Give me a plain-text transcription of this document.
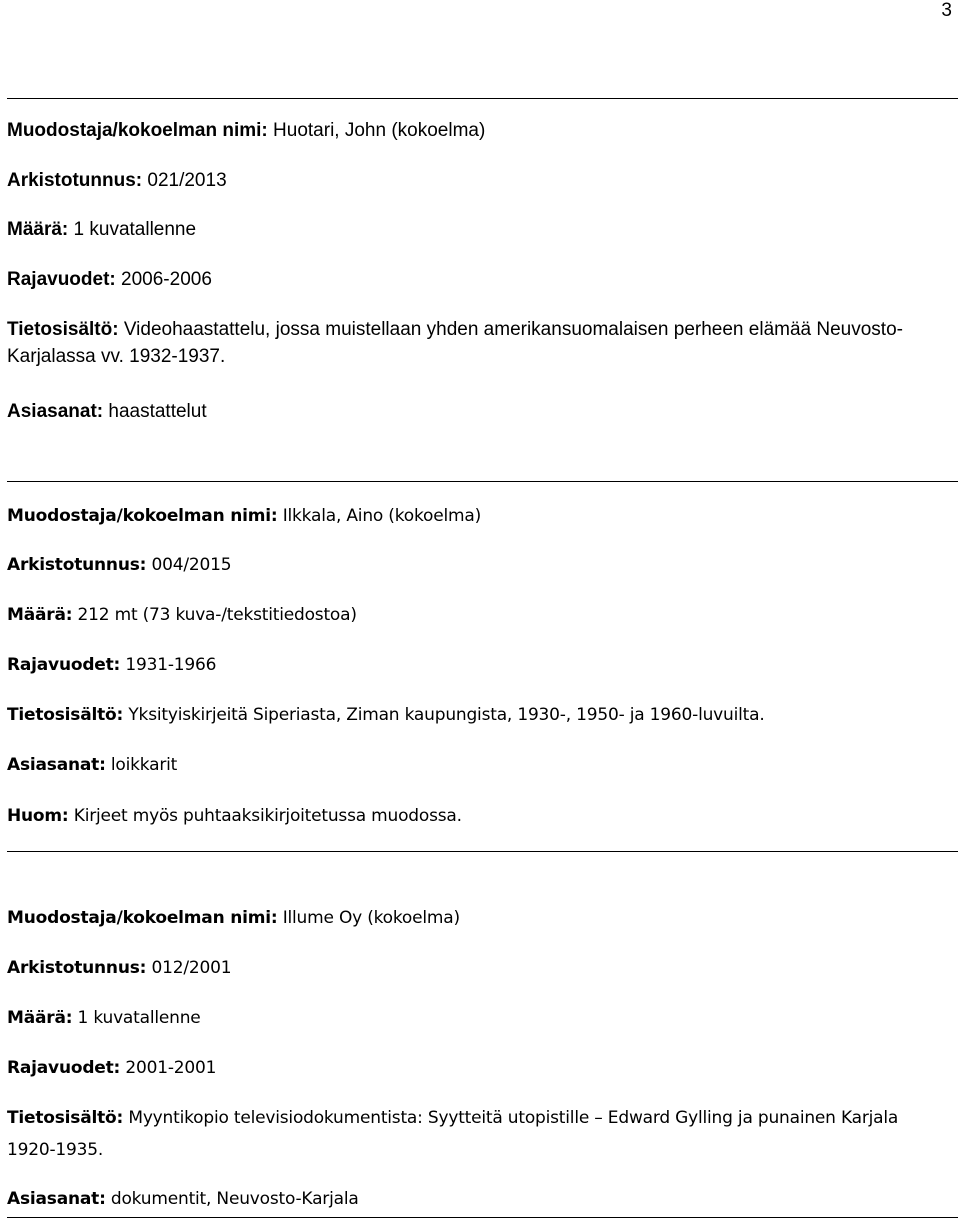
3
Muodostaja/kokoelman nimi: Huotari, John (kokoelma)
Arkistotunnus: 021/2013
Määrä: 1 kuvatallenne
Rajavuodet: 2006-2006
Tietosisältö: Videohaastattelu, jossa muistellaan yhden amerikansuomalaisen perheen elämää Neuvosto-Karjalassa vv. 1932-1937.
Asiasanat: haastattelut
Muodostaja/kokoelman nimi: Ilkkala, Aino (kokoelma)
Arkistotunnus: 004/2015
Määrä: 212 mt (73 kuva-/tekstitiedostoa)
Rajavuodet: 1931-1966
Tietosisältö: Yksityiskirjeitä Siperiasta, Ziman kaupungista, 1930-, 1950- ja 1960-luvuilta.
Asiasanat: loikkarit
Huom: Kirjeet myös puhtaaksikirjoitetussa muodossa.
Muodostaja/kokoelman nimi: Illume Oy (kokoelma)
Arkistotunnus: 012/2001
Määrä: 1 kuvatallenne
Rajavuodet: 2001-2001
Tietosisältö: Myyntikopio televisiodokumentista: Syytteitä utopistille – Edward Gylling ja punainen Karjala 1920-1935.
Asiasanat: dokumentit, Neuvosto-Karjala
